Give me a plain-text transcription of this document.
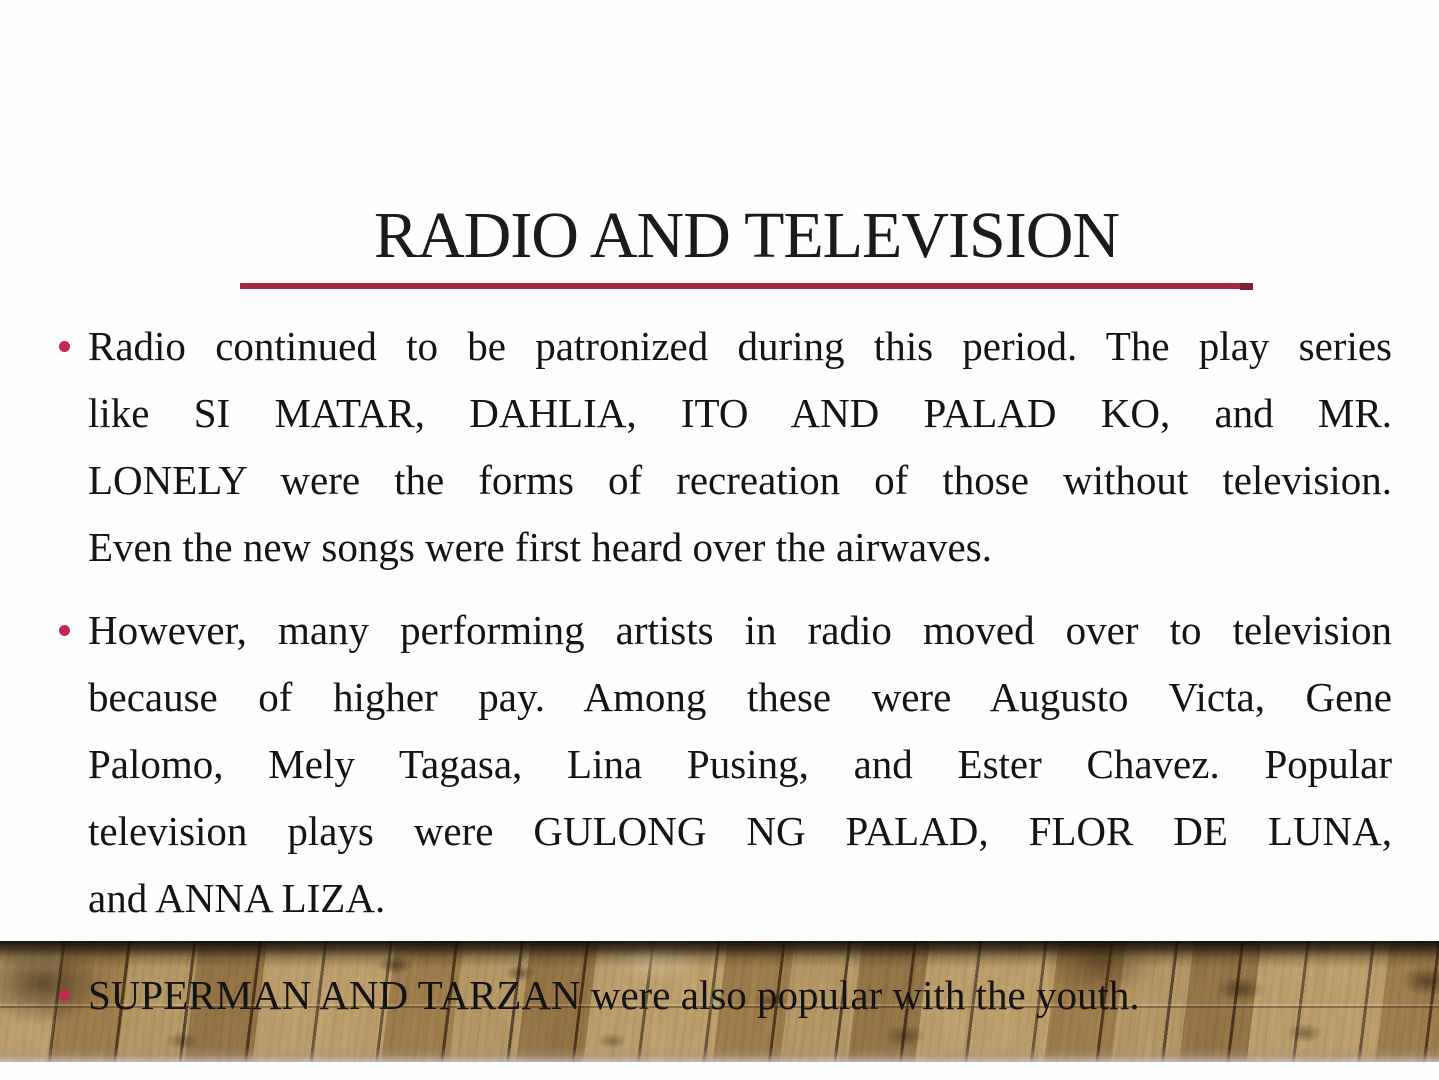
RADIO AND TELEVISION
Radio continued to be patronized during this period. The play series
like SI MATAR, DAHLIA, ITO AND PALAD KO, and MR.
LONELY were the forms of recreation of those without television.
Even the new songs were first heard over the airwaves.
However, many performing artists in radio moved over to television
because of higher pay. Among these were Augusto Victa, Gene
Palomo, Mely Tagasa, Lina Pusing, and Ester Chavez. Popular
television plays were GULONG NG PALAD, FLOR DE LUNA,
and ANNA LIZA.
SUPERMAN AND TARZAN were also popular with the youth.
